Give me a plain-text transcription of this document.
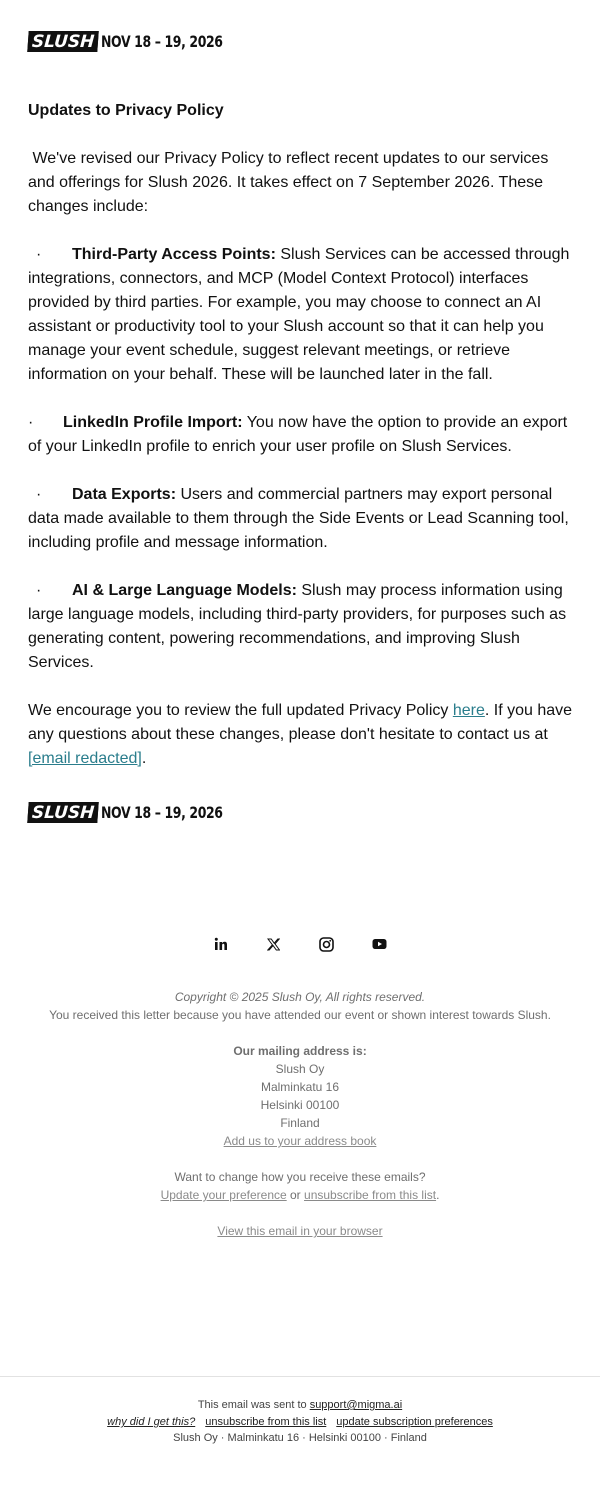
SLUSH NOV 18 – 19, 2026
Updates to Privacy Policy
We've revised our Privacy Policy to reflect recent updates to our services and offerings for Slush 2026. It takes effect on 7 September 2026. These changes include:
· Third-Party Access Points: Slush Services can be accessed through integrations, connectors, and MCP (Model Context Protocol) interfaces provided by third parties. For example, you may choose to connect an AI assistant or productivity tool to your Slush account so that it can help you manage your event schedule, suggest relevant meetings, or retrieve information on your behalf. These will be launched later in the fall.
· LinkedIn Profile Import: You now have the option to provide an export of your LinkedIn profile to enrich your user profile on Slush Services.
· Data Exports: Users and commercial partners may export personal data made available to them through the Side Events or Lead Scanning tool, including profile and message information.
· AI & Large Language Models: Slush may process information using large language models, including third-party providers, for purposes such as generating content, powering recommendations, and improving Slush Services.
We encourage you to review the full updated Privacy Policy here. If you have any questions about these changes, please don't hesitate to contact us at [email redacted].
SLUSH NOV 18 – 19, 2026
Copyright © 2025 Slush Oy, All rights reserved.
You received this letter because you have attended our event or shown interest towards Slush.
Our mailing address is:
Slush Oy
Malminkatu 16
Helsinki 00100
Finland
Add us to your address book
Want to change how you receive these emails?
Update your preference or unsubscribe from this list.
View this email in your browser
This email was sent to support@migma.ai
why did I get this? unsubscribe from this list update subscription preferences
Slush Oy · Malminkatu 16 · Helsinki 00100 · Finland
